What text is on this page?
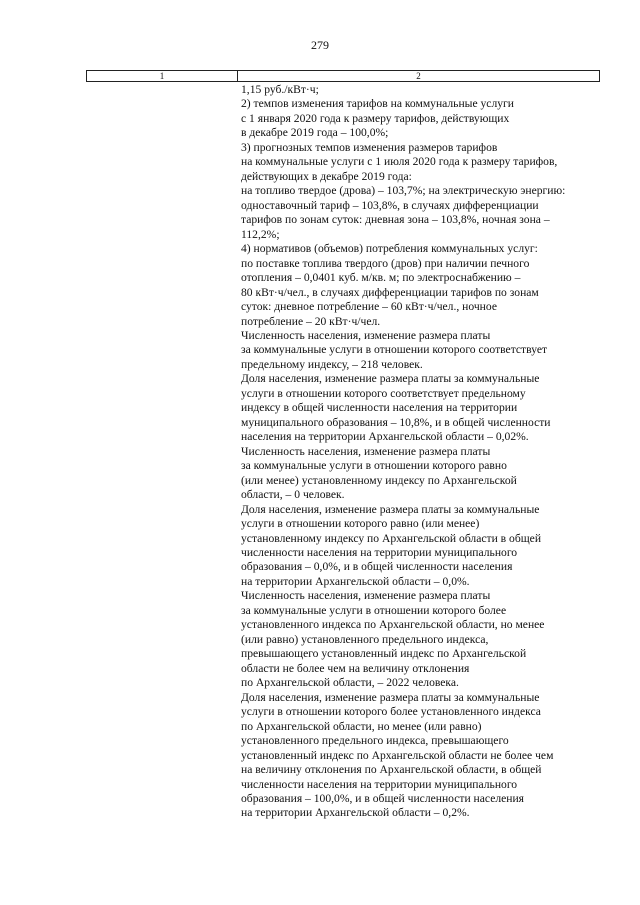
279
1	2
1,15 руб./кВт·ч;
2) темпов изменения тарифов на коммунальные услуги
с 1 января 2020 года к размеру тарифов, действующих
в декабре 2019 года – 100,0%;
3) прогнозных темпов изменения размеров тарифов
на коммунальные услуги с 1 июля 2020 года к размеру тарифов,
действующих в декабре 2019 года:
на топливо твердое (дрова) – 103,7%; на электрическую энергию:
одноставочный тариф – 103,8%, в случаях дифференциации
тарифов по зонам суток: дневная зона – 103,8%, ночная зона –
112,2%;
4) нормативов (объемов) потребления коммунальных услуг:
по поставке топлива твердого (дров) при наличии печного
отопления – 0,0401 куб. м/кв. м; по электроснабжению –
80 кВт·ч/чел., в случаях дифференциации тарифов по зонам
суток: дневное потребление – 60 кВт·ч/чел., ночное
потребление – 20 кВт·ч/чел.
Численность населения, изменение размера платы
за коммунальные услуги в отношении которого соответствует
предельному индексу, – 218 человек.
Доля населения, изменение размера платы за коммунальные
услуги в отношении которого соответствует предельному
индексу в общей численности населения на территории
муниципального образования – 10,8%, и в общей численности
населения на территории Архангельской области – 0,02%.
Численность населения, изменение размера платы
за коммунальные услуги в отношении которого равно
(или менее) установленному индексу по Архангельской
области, – 0 человек.
Доля населения, изменение размера платы за коммунальные
услуги в отношении которого равно (или менее)
установленному индексу по Архангельской области в общей
численности населения на территории муниципального
образования – 0,0%, и в общей численности населения
на территории Архангельской области – 0,0%.
Численность населения, изменение размера платы
за коммунальные услуги в отношении которого более
установленного индекса по Архангельской области, но менее
(или равно) установленного предельного индекса,
превышающего установленный индекс по Архангельской
области не более чем на величину отклонения
по Архангельской области, – 2022 человека.
Доля населения, изменение размера платы за коммунальные
услуги в отношении которого более установленного индекса
по Архангельской области, но менее (или равно)
установленного предельного индекса, превышающего
установленный индекс по Архангельской области не более чем
на величину отклонения по Архангельской области, в общей
численности населения на территории муниципального
образования – 100,0%, и в общей численности населения
на территории Архангельской области – 0,2%.
